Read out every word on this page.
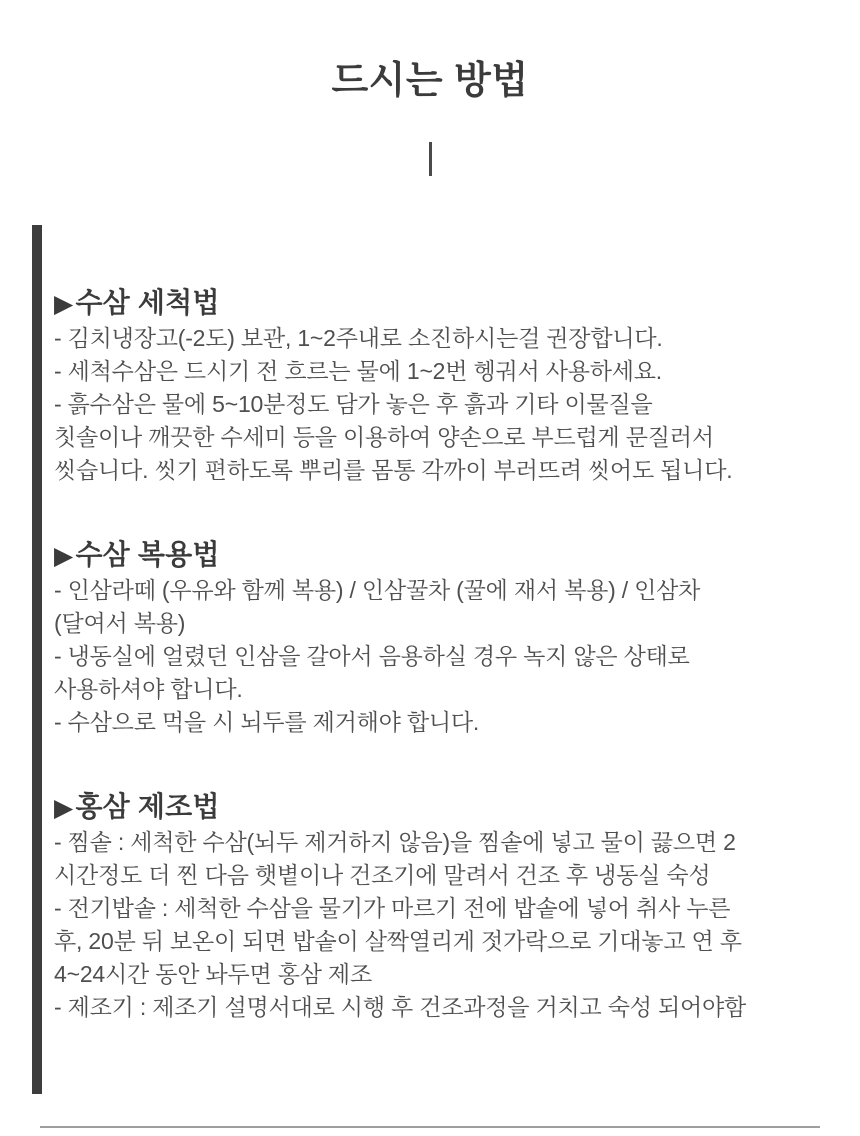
드시는 방법
▶수삼 세척법
- 김치냉장고(-2도) 보관, 1~2주내로 소진하시는걸 권장합니다.
- 세척수삼은 드시기 전 흐르는 물에 1~2번 헹궈서 사용하세요.
- 흙수삼은 물에 5~10분정도 담가 놓은 후 흙과 기타 이물질을
칫솔이나 깨끗한 수세미 등을 이용하여 양손으로 부드럽게 문질러서
씻습니다. 씻기 편하도록 뿌리를 몸통 각까이 부러뜨려 씻어도 됩니다.
▶수삼 복용법
- 인삼라떼 (우유와 함께 복용) / 인삼꿀차 (꿀에 재서 복용) / 인삼차
(달여서 복용)
- 냉동실에 얼렸던 인삼을 갈아서 음용하실 경우 녹지 않은 상태로
사용하셔야 합니다.
- 수삼으로 먹을 시 뇌두를 제거해야 합니다.
▶홍삼 제조법
- 찜솥 : 세척한 수삼(뇌두 제거하지 않음)을 찜솥에 넣고 물이 끓으면 2
시간정도 더 찐 다음 햇볕이나 건조기에 말려서 건조 후 냉동실 숙성
- 전기밥솥 : 세척한 수삼을 물기가 마르기 전에 밥솥에 넣어 취사 누른
후, 20분 뒤 보온이 되면 밥솥이 살짝열리게 젓가락으로 기대놓고 연 후
4~24시간 동안 놔두면 홍삼 제조
- 제조기 : 제조기 설명서대로 시행 후 건조과정을 거치고 숙성 되어야함
